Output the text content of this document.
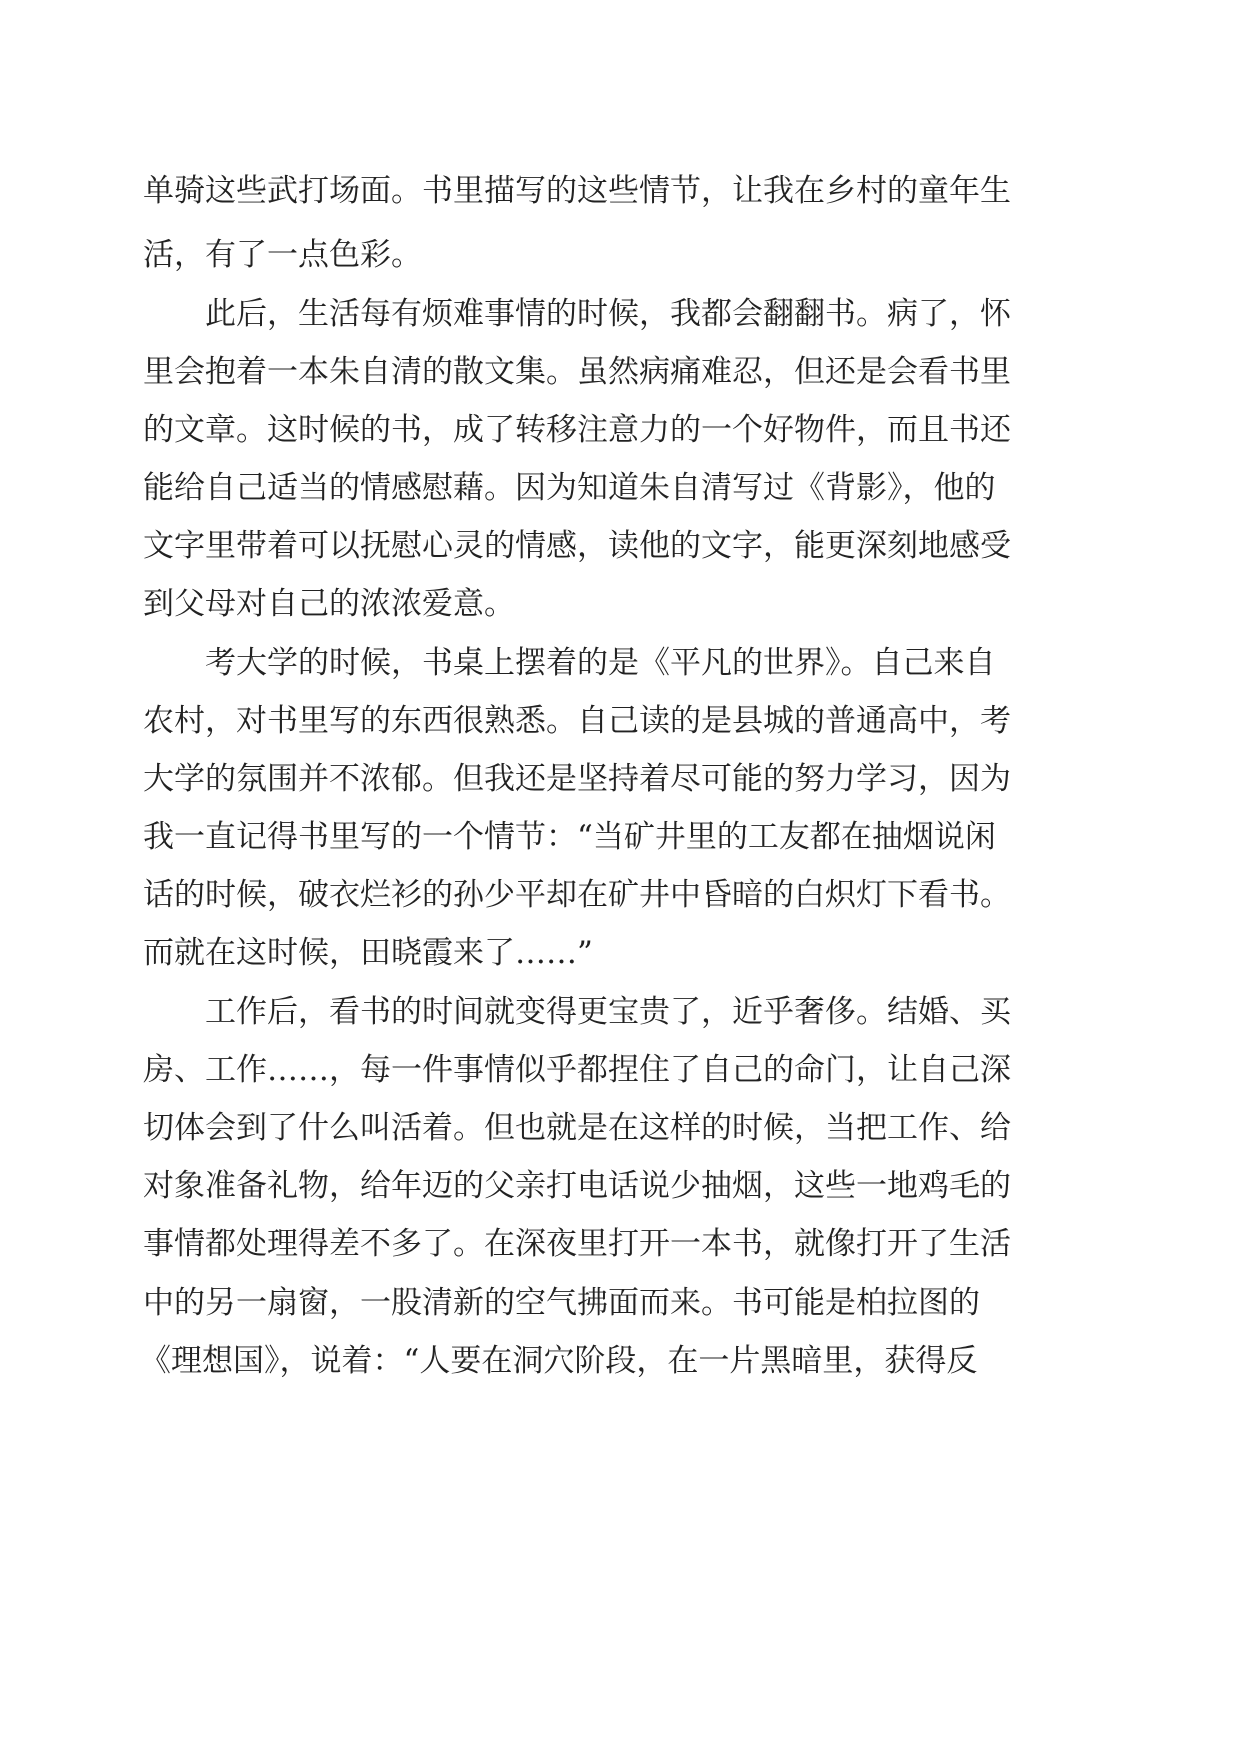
单骑这些武打场面。书里描写的这些情节，让我在乡村的童年生
活，有了一点色彩。
　　此后，生活每有烦难事情的时候，我都会翻翻书。病了，怀
里会抱着一本朱自清的散文集。虽然病痛难忍，但还是会看书里
的文章。这时候的书，成了转移注意力的一个好物件，而且书还
能给自己适当的情感慰藉。因为知道朱自清写过《背影》，他的
文字里带着可以抚慰心灵的情感，读他的文字，能更深刻地感受
到父母对自己的浓浓爱意。
　　考大学的时候，书桌上摆着的是《平凡的世界》。自己来自
农村，对书里写的东西很熟悉。自己读的是县城的普通高中，考
大学的氛围并不浓郁。但我还是坚持着尽可能的努力学习，因为
我一直记得书里写的一个情节：“当矿井里的工友都在抽烟说闲
话的时候，破衣烂衫的孙少平却在矿井中昏暗的白炽灯下看书。
而就在这时候，田晓霞来了……”
　　工作后，看书的时间就变得更宝贵了，近乎奢侈。结婚、买
房、工作……，每一件事情似乎都捏住了自己的命门，让自己深
切体会到了什么叫活着。但也就是在这样的时候，当把工作、给
对象准备礼物，给年迈的父亲打电话说少抽烟，这些一地鸡毛的
事情都处理得差不多了。在深夜里打开一本书，就像打开了生活
中的另一扇窗，一股清新的空气拂面而来。书可能是柏拉图的
《理想国》，说着：“人要在洞穴阶段，在一片黑暗里，获得反
